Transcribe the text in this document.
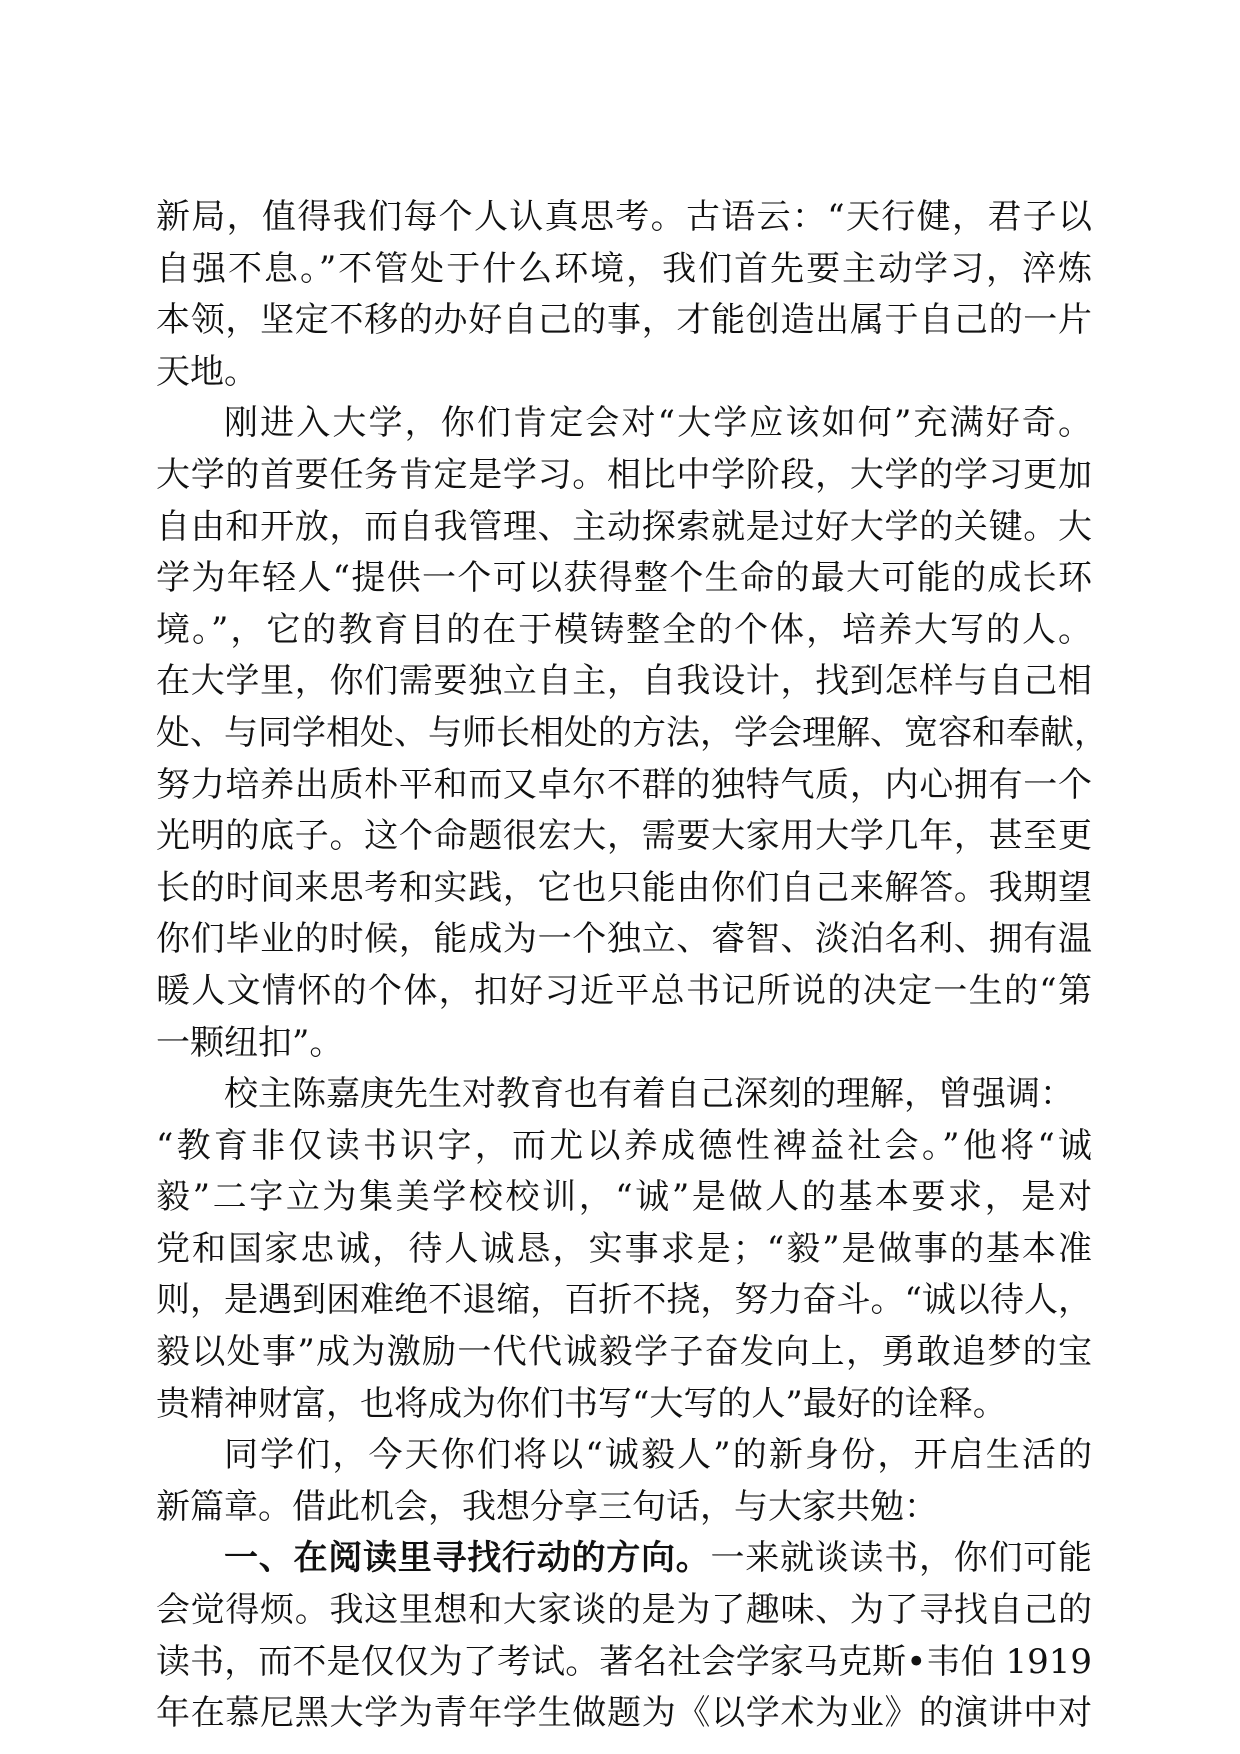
新局，值得我们每个人认真思考。古语云：“天行健，君子以
自强不息。”不管处于什么环境，我们首先要主动学习，淬炼
本领，坚定不移的办好自己的事，才能创造出属于自己的一片
天地。
刚进入大学，你们肯定会对“大学应该如何”充满好奇。
大学的首要任务肯定是学习。相比中学阶段，大学的学习更加
自由和开放，而自我管理、主动探索就是过好大学的关键。大
学为年轻人“提供一个可以获得整个生命的最大可能的成长环
境。”，它的教育目的在于模铸整全的个体，培养大写的人。
在大学里，你们需要独立自主，自我设计，找到怎样与自己相
处、与同学相处、与师长相处的方法，学会理解、宽容和奉献，
努力培养出质朴平和而又卓尔不群的独特气质，内心拥有一个
光明的底子。这个命题很宏大，需要大家用大学几年，甚至更
长的时间来思考和实践，它也只能由你们自己来解答。我期望
你们毕业的时候，能成为一个独立、睿智、淡泊名利、拥有温
暖人文情怀的个体，扣好习近平总书记所说的决定一生的“第
一颗纽扣”。
校主陈嘉庚先生对教育也有着自己深刻的理解，曾强调：
“教育非仅读书识字，而尤以养成德性裨益社会。”他将“诚
毅”二字立为集美学校校训，“诚”是做人的基本要求，是对
党和国家忠诚，待人诚恳，实事求是；“毅”是做事的基本准
则，是遇到困难绝不退缩，百折不挠，努力奋斗。“诚以待人，
毅以处事”成为激励一代代诚毅学子奋发向上，勇敢追梦的宝
贵精神财富，也将成为你们书写“大写的人”最好的诠释。
同学们，今天你们将以“诚毅人”的新身份，开启生活的
新篇章。借此机会，我想分享三句话，与大家共勉：
一、在阅读里寻找行动的方向。一来就谈读书，你们可能
会觉得烦。我这里想和大家谈的是为了趣味、为了寻找自己的
读书，而不是仅仅为了考试。著名社会学家马克斯•韦伯 1919
年在慕尼黑大学为青年学生做题为《以学术为业》的演讲中对
